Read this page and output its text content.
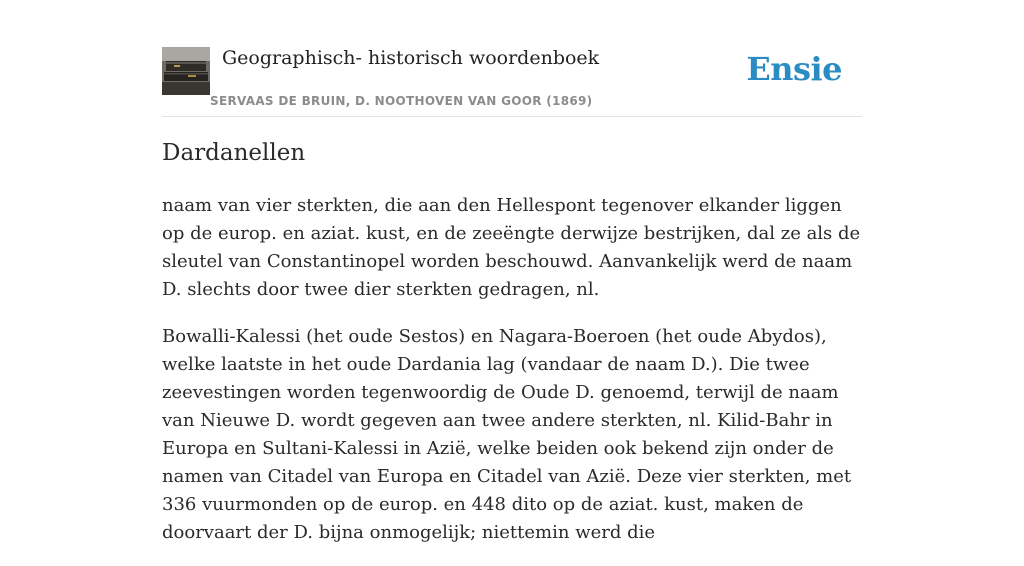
Geographisch- historisch woordenboek
SERVAAS DE BRUIN, D. NOOTHOVEN VAN GOOR (1869)
Ensie
Dardanellen

naam van vier sterkten, die aan den Hellespont tegenover elkander liggen op de europ. en aziat. kust, en de zeeëngte derwijze bestrijken, dal ze als de sleutel van Constantinopel worden beschouwd. Aanvankelijk werd de naam D. slechts door twee dier sterkten gedragen, nl.

Bowalli-Kalessi (het oude Sestos) en Nagara-Boeroen (het oude Abydos), welke laatste in het oude Dardania lag (vandaar de naam D.). Die twee zeevestingen worden tegenwoordig de Oude D. genoemd, terwijl de naam van Nieuwe D. wordt gegeven aan twee andere sterkten, nl. Kilid-Bahr in Europa en Sultani-Kalessi in Azië, welke beiden ook bekend zijn onder de namen van Citadel van Europa en Citadel van Azië. Deze vier sterkten, met 336 vuurmonden op de europ. en 448 dito op de aziat. kust, maken de doorvaart der D. bijna onmogelijk; niettemin werd die
